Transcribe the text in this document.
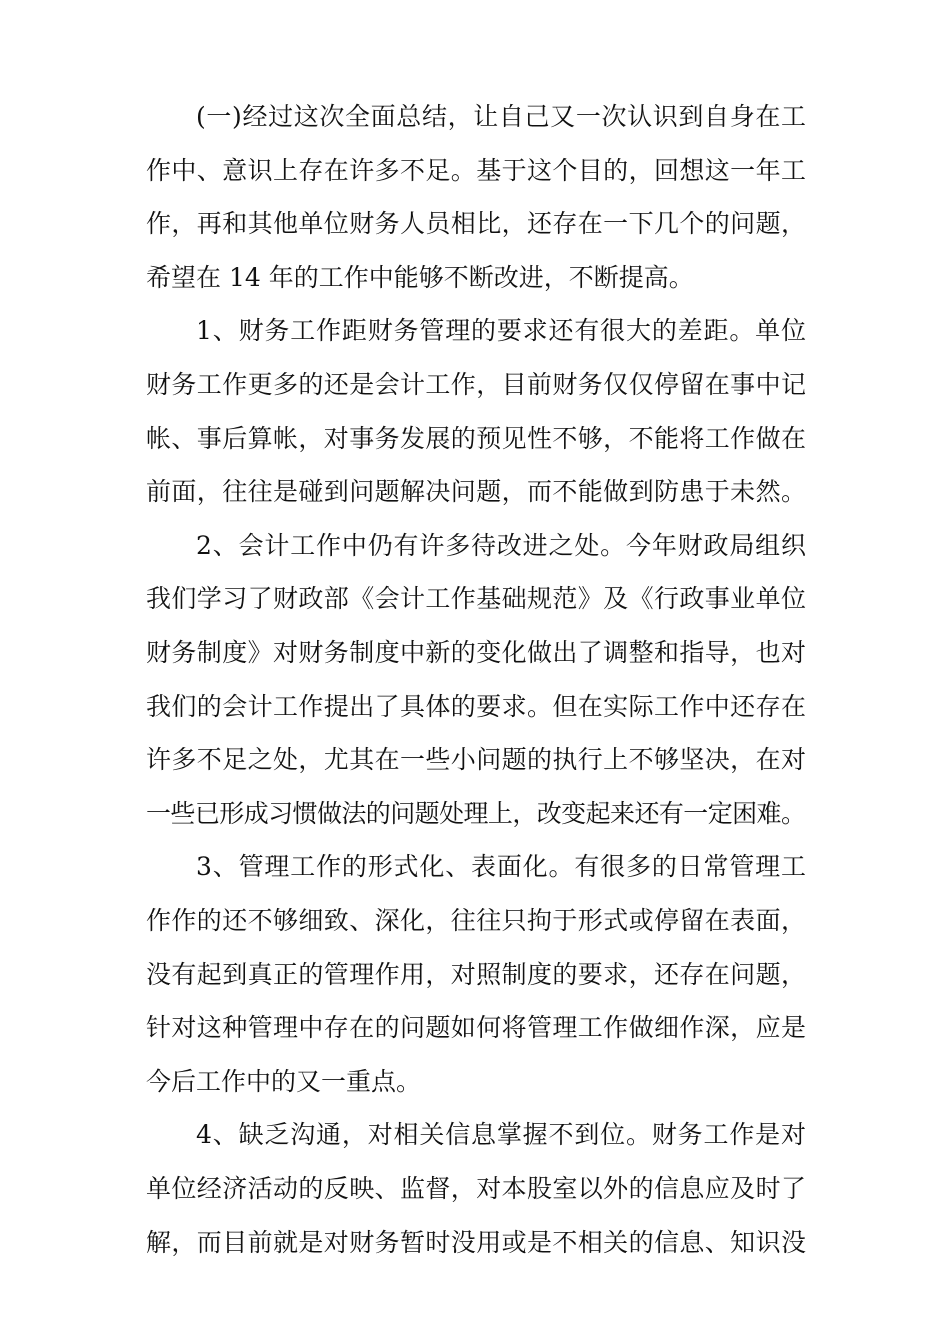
(一)经过这次全面总结，让自己又一次认识到自身在工
作中、意识上存在许多不足。基于这个目的，回想这一年工
作，再和其他单位财务人员相比，还存在一下几个的问题，
希望在 14 年的工作中能够不断改进，不断提高。
1、财务工作距财务管理的要求还有很大的差距。单位
财务工作更多的还是会计工作，目前财务仅仅停留在事中记
帐、事后算帐，对事务发展的预见性不够，不能将工作做在
前面，往往是碰到问题解决问题，而不能做到防患于未然。
2、会计工作中仍有许多待改进之处。今年财政局组织
我们学习了财政部《会计工作基础规范》及《行政事业单位
财务制度》对财务制度中新的变化做出了调整和指导，也对
我们的会计工作提出了具体的要求。但在实际工作中还存在
许多不足之处，尤其在一些小问题的执行上不够坚决，在对
一些已形成习惯做法的问题处理上，改变起来还有一定困难。
3、管理工作的形式化、表面化。有很多的日常管理工
作作的还不够细致、深化，往往只拘于形式或停留在表面，
没有起到真正的管理作用，对照制度的要求，还存在问题，
针对这种管理中存在的问题如何将管理工作做细作深，应是
今后工作中的又一重点。
4、缺乏沟通，对相关信息掌握不到位。财务工作是对
单位经济活动的反映、监督，对本股室以外的信息应及时了
解，而目前就是对财务暂时没用或是不相关的信息、知识没
